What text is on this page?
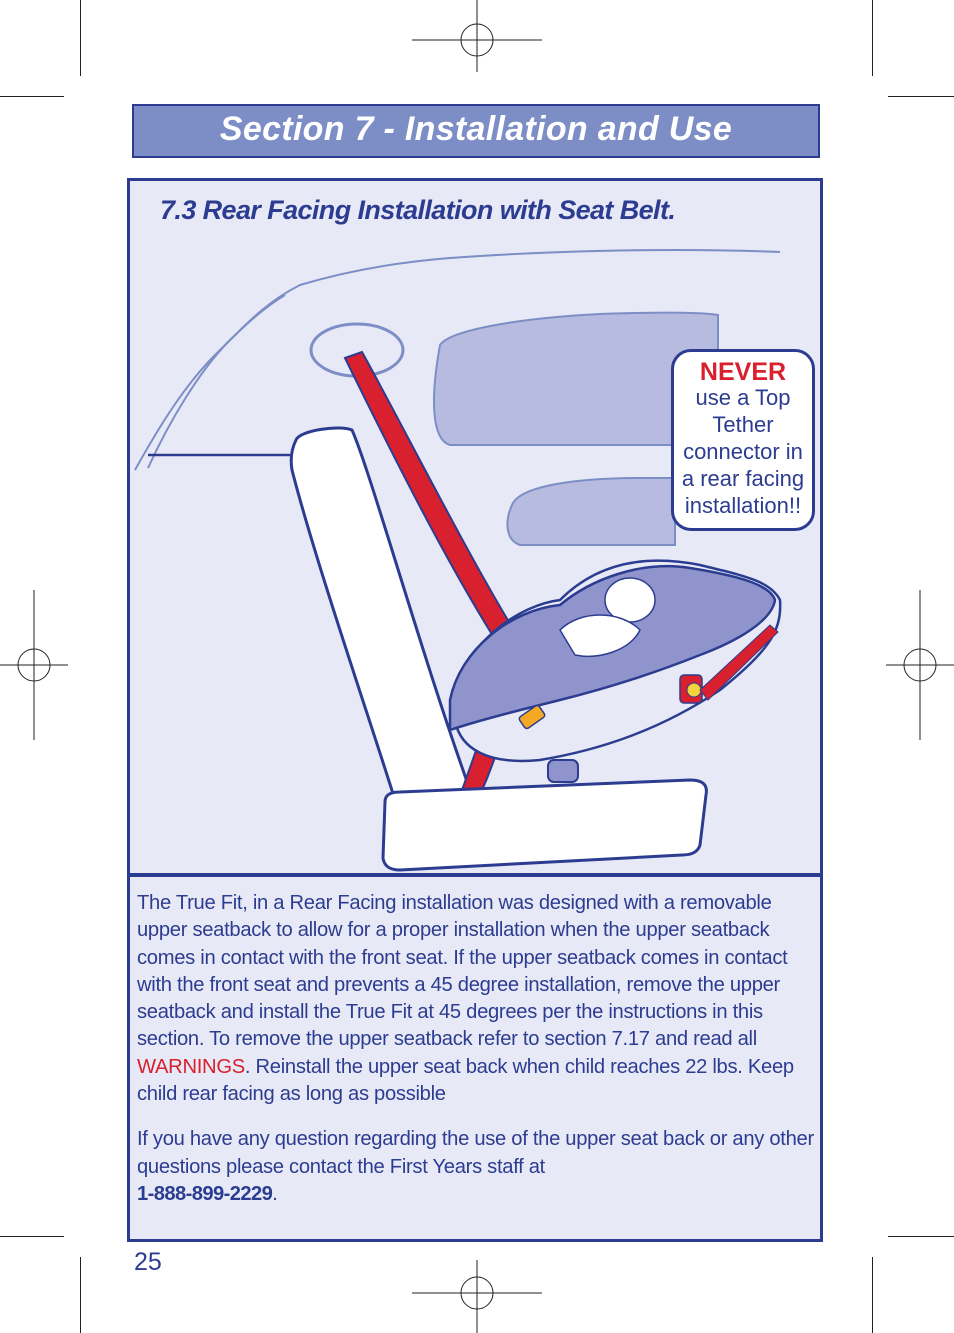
Section 7 - Installation and Use
7.3 Rear Facing Installation with Seat Belt.
NEVER
use a Top
Tether
connector in
a rear facing
installation!!

The True Fit, in a Rear Facing installation was designed with a removable upper seatback to allow for a proper installation when the upper seatback comes in contact with the front seat. If the upper seatback comes in contact with the front seat and prevents a 45 degree installation, remove the upper seatback and install the True Fit at 45 degrees per the instructions in this section. To remove the upper seatback refer to section 7.17 and read all WARNINGS. Reinstall the upper seat back when child reaches 22 lbs. Keep child rear facing as long as possible

If you have any question regarding the use of the upper seat back or any other questions please contact the First Years staff at
1-888-899-2229.

25
